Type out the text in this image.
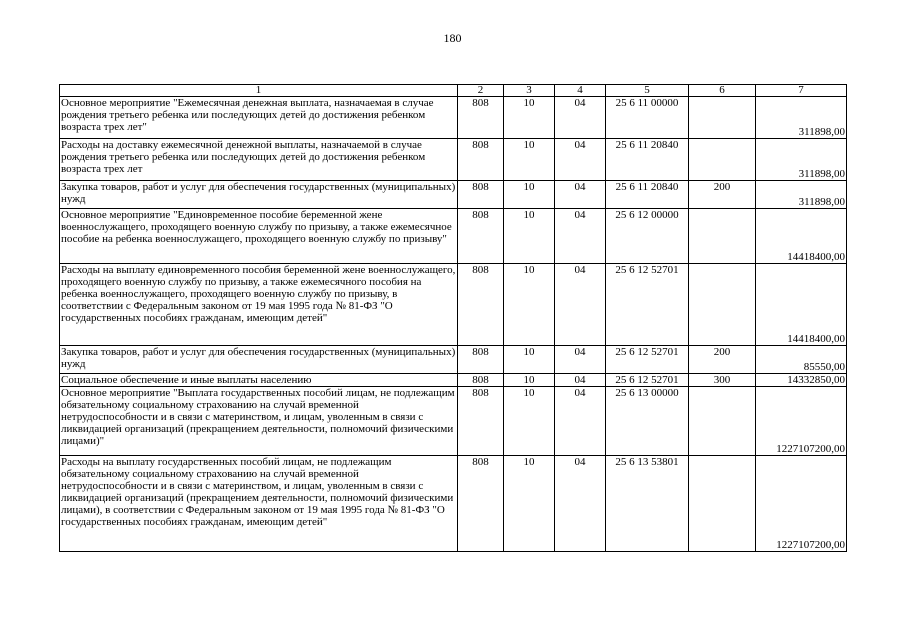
180
1	2	3	4	5	6	7
Основное мероприятие "Ежемесячная денежная выплата, назначаемая в случае рождения третьего ребенка или последующих детей до достижения ребенком возраста трех лет"	808	10	04	25 6 11 00000		311898,00
Расходы на доставку ежемесячной денежной выплаты, назначаемой в случае рождения третьего ребенка или последующих детей до достижения ребенком возраста трех лет	808	10	04	25 6 11 20840		311898,00
Закупка товаров, работ и услуг для обеспечения государственных (муниципальных) нужд	808	10	04	25 6 11 20840	200	311898,00
Основное мероприятие "Единовременное пособие беременной жене военнослужащего, проходящего военную службу по призыву, а также ежемесячное пособие на ребенка военнослужащего, проходящего военную службу по призыву"	808	10	04	25 6 12 00000		14418400,00
Расходы на выплату единовременного пособия беременной жене военнослужащего, проходящего военную службу по призыву, а также ежемесячного пособия на ребенка военнослужащего, проходящего военную службу по призыву, в соответствии с Федеральным законом от 19 мая 1995 года № 81-ФЗ "О государственных пособиях гражданам, имеющим детей"	808	10	04	25 6 12 52701		14418400,00
Закупка товаров, работ и услуг для обеспечения государственных (муниципальных) нужд	808	10	04	25 6 12 52701	200	85550,00
Социальное обеспечение и иные выплаты населению	808	10	04	25 6 12 52701	300	14332850,00
Основное мероприятие "Выплата государственных пособий лицам, не подлежащим обязательному социальному страхованию на случай временной нетрудоспособности и в связи с материнством, и лицам, уволенным в связи с ликвидацией организаций (прекращением деятельности, полномочий физическими лицами)"	808	10	04	25 6 13 00000		1227107200,00
Расходы на выплату государственных пособий лицам, не подлежащим обязательному социальному страхованию на случай временной нетрудоспособности и в связи с материнством, и лицам, уволенным в связи с ликвидацией организаций (прекращением деятельности, полномочий физическими лицами), в соответствии с Федеральным законом от 19 мая 1995 года № 81-ФЗ "О государственных пособиях гражданам, имеющим детей"	808	10	04	25 6 13 53801		1227107200,00
